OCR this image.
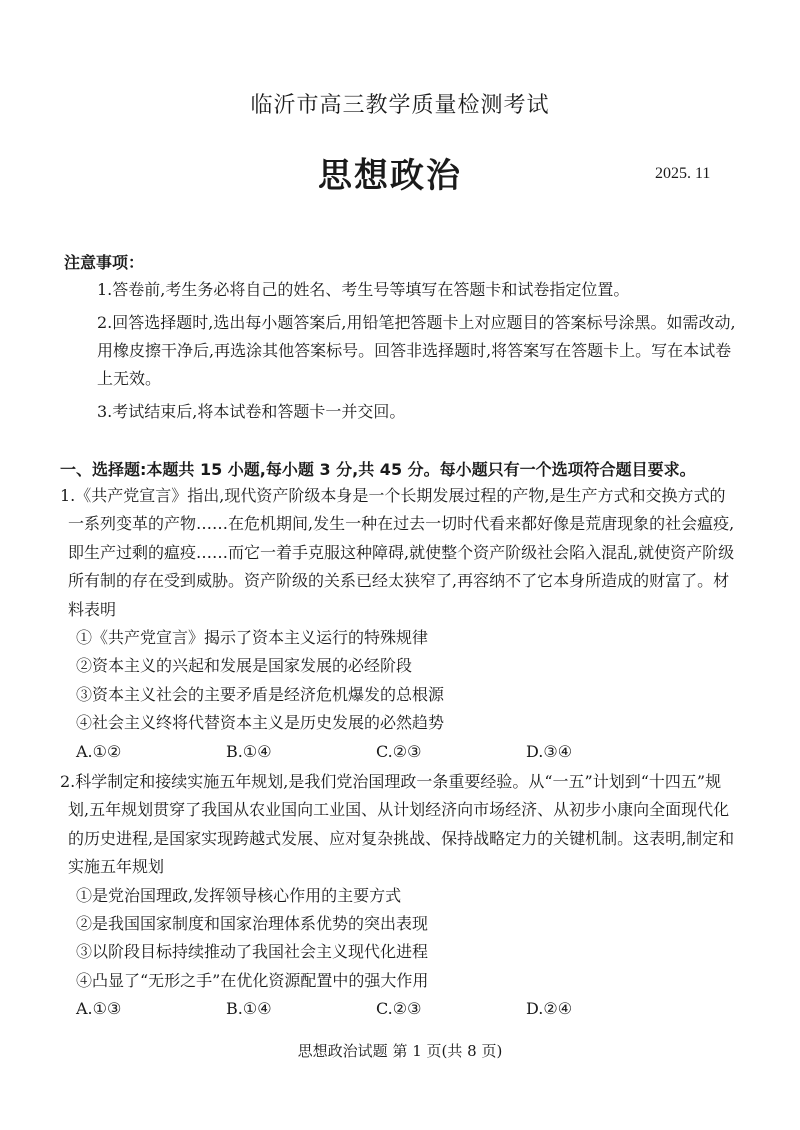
临沂市高三教学质量检测考试
思想政治	2025. 11
注意事项：

1.答卷前,考生务必将自己的姓名、考生号等填写在答题卡和试卷指定位置。

2.回答选择题时,选出每小题答案后,用铅笔把答题卡上对应题目的答案标号涂黑。如需改动,用橡皮擦干净后,再选涂其他答案标号。回答非选择题时,将答案写在答题卡上。写在本试卷上无效。

3.考试结束后,将本试卷和答题卡一并交回。

一、选择题:本题共 15 小题,每小题 3 分,共 45 分。每小题只有一个选项符合题目要求。

1.《共产党宣言》指出,现代资产阶级本身是一个长期发展过程的产物,是生产方式和交换方式的一系列变革的产物……在危机期间,发生一种在过去一切时代看来都好像是荒唐现象的社会瘟疫,即生产过剩的瘟疫……而它一着手克服这种障碍,就使整个资产阶级社会陷入混乱,就使资产阶级所有制的存在受到威胁。资产阶级的关系已经太狭窄了,再容纳不了它本身所造成的财富了。材料表明

①《共产党宣言》揭示了资本主义运行的特殊规律

②资本主义的兴起和发展是国家发展的必经阶段

③资本主义社会的主要矛盾是经济危机爆发的总根源

④社会主义终将代替资本主义是历史发展的必然趋势

A.①②	B.①④	C.②③	D.③④

2.科学制定和接续实施五年规划,是我们党治国理政一条重要经验。从“一五”计划到“十四五”规划,五年规划贯穿了我国从农业国向工业国、从计划经济向市场经济、从初步小康向全面现代化的历史进程,是国家实现跨越式发展、应对复杂挑战、保持战略定力的关键机制。这表明,制定和实施五年规划

①是党治国理政,发挥领导核心作用的主要方式

②是我国国家制度和国家治理体系优势的突出表现

③以阶段目标持续推动了我国社会主义现代化进程

④凸显了“无形之手”在优化资源配置中的强大作用

A.①③	B.①④	C.②③	D.②④
思想政治试题 第 1 页(共 8 页)
